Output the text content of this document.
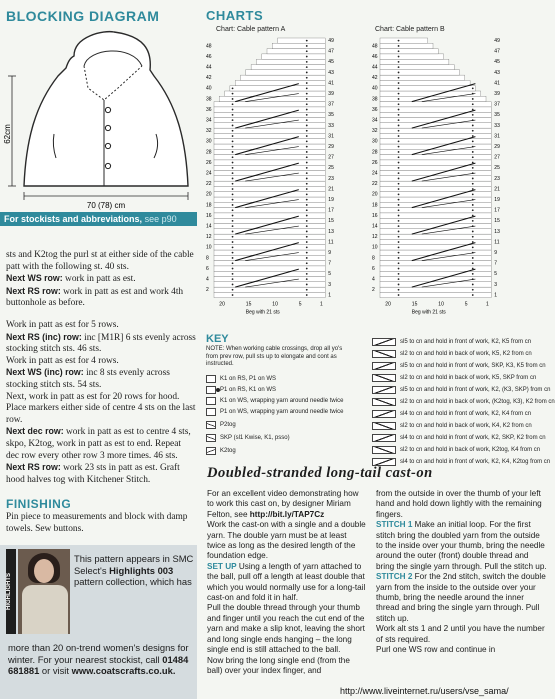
BLOCKING DIAGRAM
62cm
70 (78) cm
For stockists and abbreviations, see p90

sts and K2tog the purl st at either side of the cable patt with the following st. 40 sts.

Next WS row: work in patt as est.

Next RS row: work in patt as est and work 4th buttonhole as before.

Work in patt as est for 5 rows.

Next RS (inc) row: inc [M1R] 6 sts evenly across stocking stitch sts. 46 sts.

Work in patt as est for 4 rows.

Next WS (inc) row: inc 8 sts evenly across stocking stitch sts. 54 sts.

Next, work in patt as est for 20 rows for hood. Place markers either side of centre 4 sts on the last row.

Next dec row: work in patt as est to centre 4 sts, skpo, K2tog, work in patt as est to end. Repeat dec row every other row 3 more times. 46 sts.

Next RS row: work 23 sts in patt as est. Graft hood halves tog with Kitchener Stitch.

FINISHING
Pin piece to measurements and block with damp towels. Sew buttons.
HIGHLIGHTS
This pattern appears in SMC Select's Highlights 003 pattern collection, which has
more than 20 on-trend women's designs for winter. For your nearest stockist, call 01484 681881 or visit www.coatscrafts.co.uk.
CHARTS
Chart: Cable pattern A	Chart: Cable pattern B
49
47
45
43
41
39
37
35
33
31
29
27
25
23
21
19
17
15
13
11
9
7
5
3
1
48
46
44
42
40
38
36
34
32
30
28
26
24
22
20
18
16
14
12
10
8
6
4
2
20	15	10	5	1
Beg with 21 sts
49
47
45
43
41
39
37
35
33
31
29
27
25
23
21
19
17
15
13
11
9
7
5
3
1
48
46
44
42
40
38
36
34
32
30
28
26
24
22
20
18
16
14
12
10
8
6
4
2
20	15	10	5	1
Beg with 21 sts
KEY
NOTE: When working cable crossings, drop all yo's from prev row, pull sts up to elongate and cont as instructed.
K1 on RS, P1 on WS
P1 on RS, K1 on WS
K1 on WS, wrapping yarn around needle twice
P1 on WS, wrapping yarn around needle twice
P2tog
SKP (sl1 Kwise, K1, psso)
K2tog
sl5 to cn and hold in front of work, K2, K5 from cn
sl2 to cn and hold in back of work, K5, K2 from cn
sl5 to cn and hold in front of work, SKP, K3, K5 from cn
sl2 to cn and hold in back of work, K5, SKP from cn
sl5 to cn and hold in front of work, K2, (K3, SKP) from cn
sl2 to cn and hold in back of work, (K2tog, K3), K2 from cn
sl4 to cn and hold in front of work, K2, K4 from cn
sl2 to cn and hold in back of work, K4, K2 from cn
sl4 to cn and hold in front of work, K2, SKP, K2 from cn
sl2 to cn and hold in back of work, K2tog, K4 from cn
sl4 to cn and hold in front of work, K2, K4, K2tog from cn
Doubled-stranded long-tail cast-on

For an excellent video demonstrating how to work this cast on, by designer Miriam Felton, see http://bit.ly/TAP7Cz

Work the cast-on with a single and a double yarn. The double yarn must be at least twice as long as the desired length of the foundation edge.

SET UP Using a length of yarn attached to the ball, pull off a length at least double that which you would normally use for a long-tail cast-on and fold it in half.

Pull the double thread through your thumb and finger until you reach the cut end of the yarn and make a slip knot, leaving the short and long single ends hanging – the long single end is still attached to the ball.

Now bring the long single end (from the ball) over your index finger, and

from the outside in over the thumb of your left hand and hold down lightly with the remaining fingers.

STITCH 1 Make an initial loop. For the first stitch bring the doubled yarn from the outside to the inside over your thumb, bring the needle around the outer (front) double thread and bring the single yarn through. Pull the stitch up.

STITCH 2 For the 2nd stitch, switch the double yarn from the inside to the outside over your thumb, bring the needle around the inner thread and bring the single yarn through. Pull stitch up.

Work alt sts 1 and 2 until you have the number of sts required.

Purl one WS row and continue in

http://www.liveinternet.ru/users/vse_sama/
